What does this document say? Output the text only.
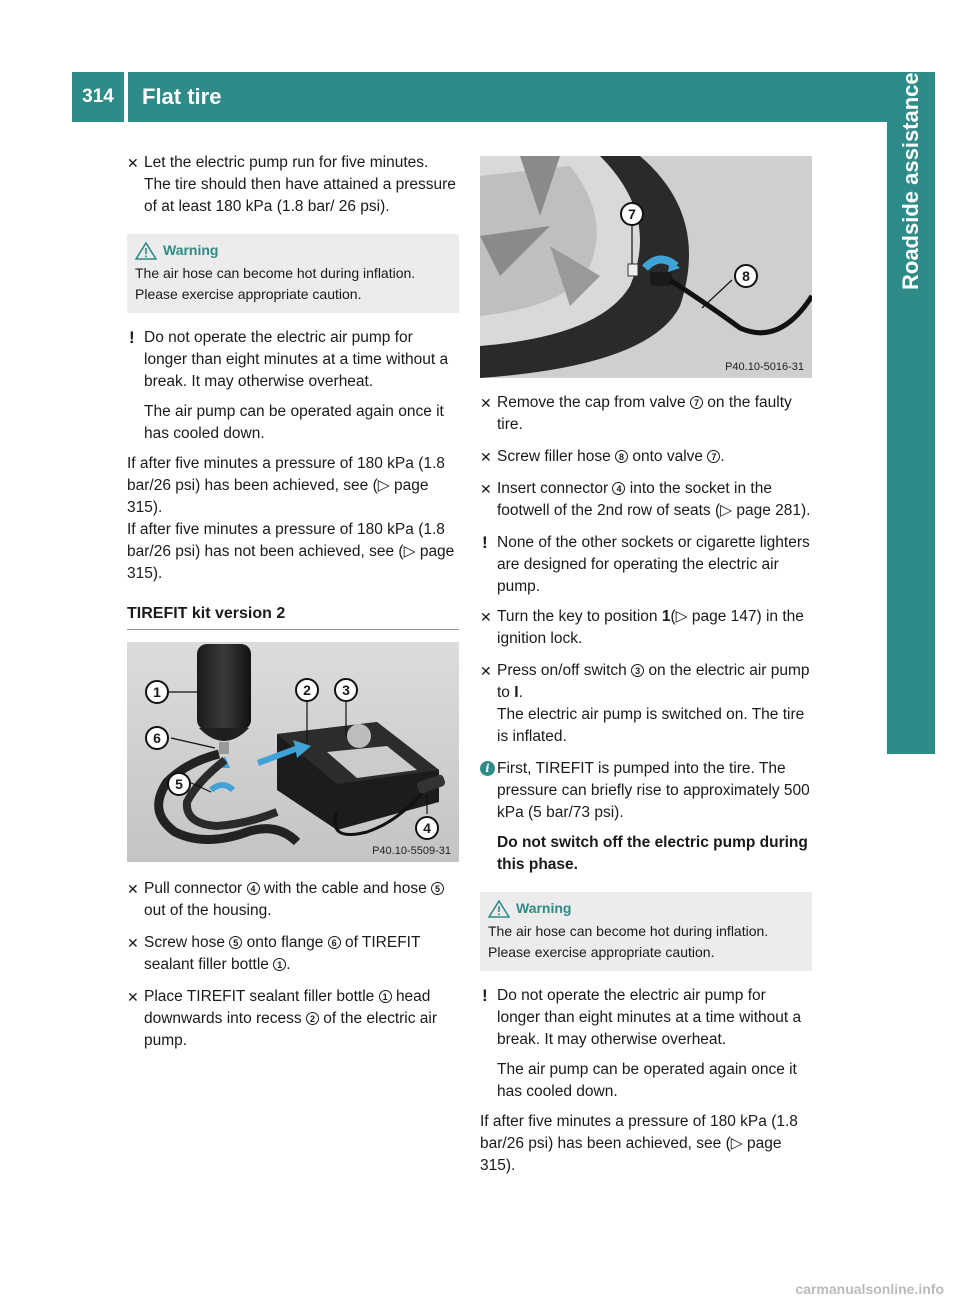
314	Flat tire	Roadside assistance
✕ Let the electric pump run for five minutes. The tire should then have attained a pressure of at least 180 kPa (1.8 bar/ 26 psi).

Warning
The air hose can become hot during inflation. Please exercise appropriate caution.
! Do not operate the electric air pump for longer than eight minutes at a time without a break. It may otherwise overheat.

The air pump can be operated again once it has cooled down.

If after five minutes a pressure of 180 kPa (1.8 bar/26 psi) has been achieved, see (▷ page 315).

If after five minutes a pressure of 180 kPa (1.8 bar/26 psi) has not been achieved, see (▷ page 315).

TIREFIT kit version 2
1	2	3
4
5
6
P40.10-5509-31
✕ Pull connector 4 with the cable and hose 5 out of the housing.

✕ Screw hose 5 onto flange 6 of TIREFIT sealant filler bottle 1 .

✕ Place TIREFIT sealant filler bottle 1 head downwards into recess 2 of the electric air pump.

7
8
P40.10-5016-31
✕ Remove the cap from valve 7 on the faulty tire.

✕ Screw filler hose 8 onto valve 7 .

✕ Insert connector 4 into the socket in the footwell of the 2nd row of seats (▷ page 281).

! None of the other sockets or cigarette lighters are designed for operating the electric air pump.

✕ Turn the key to position 1(▷ page 147) in the ignition lock.

✕ Press on/off switch 3 on the electric air pump to I.

The electric air pump is switched on. The tire is inflated.

i First, TIREFIT is pumped into the tire. The pressure can briefly rise to approximately 500 kPa (5 bar/73 psi).

Do not switch off the electric pump during this phase.

Warning
The air hose can become hot during inflation. Please exercise appropriate caution.
! Do not operate the electric air pump for longer than eight minutes at a time without a break. It may otherwise overheat.

The air pump can be operated again once it has cooled down.

If after five minutes a pressure of 180 kPa (1.8 bar/26 psi) has been achieved, see (▷ page 315).

carmanualsonline.info
